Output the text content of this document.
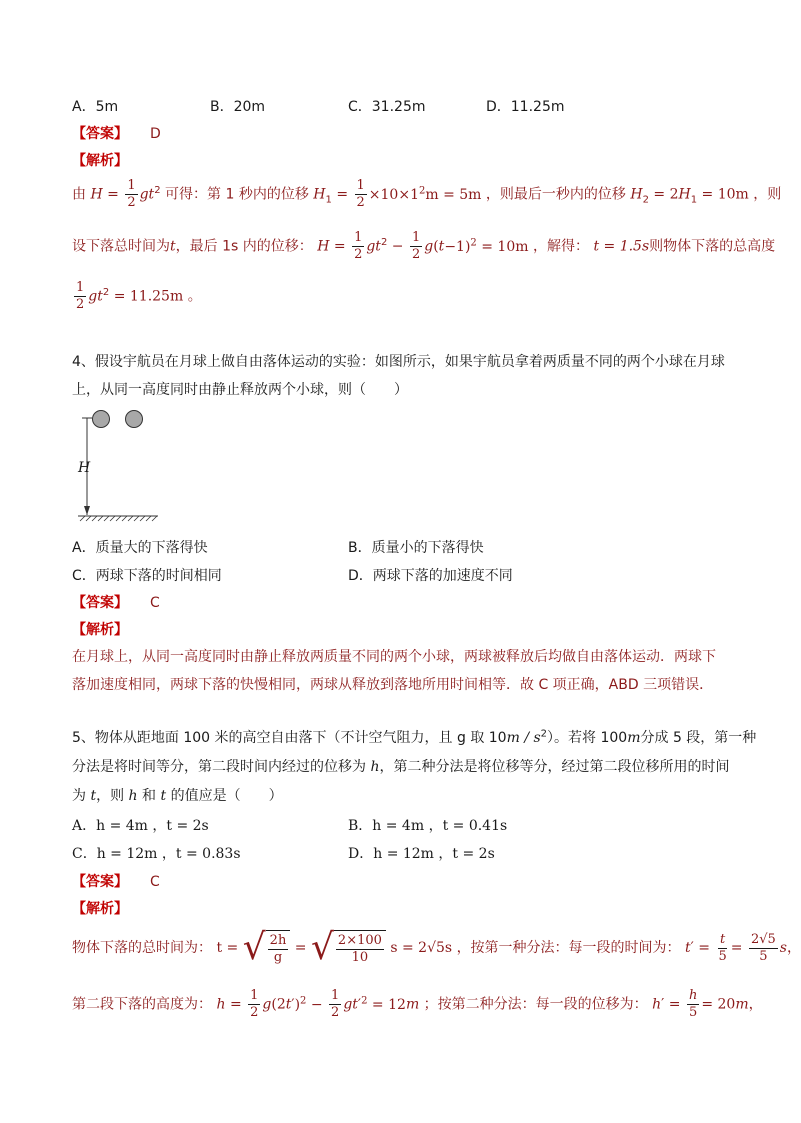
A．5m	B．20m	C．31.25m	D．11.25m
【答案】 D
【解析】
由 $H = \frac{1}{2} gt^2$ 可得：第 1 秒内的位移 $H_1 = \frac{1}{2} \times 10\times 1^2m = 5m$ ，则最后一秒内的位移 $H_2 = 2H_1 = 10m$ ，则
设下落总时间为t，最后 1s 内的位移： $H = \frac{1}{2} gt^2 - \frac{1}{2} g(t-1)^2 = 10m$ ，解得： t = 1.5s则物体下落的总高度
$\frac{1}{2} gt^2 = 11.25m$ 。
4、假设宇航员在月球上做自由落体运动的实验：如图所示，如果宇航员拿着两质量不同的两个小球在月球
上，从同一高度同时由静止释放两个小球，则（　　）
H
A．质量大的下落得快	B．质量小的下落得快
C．两球下落的时间相同	D．两球下落的加速度不同
【答案】 C
【解析】
在月球上，从同一高度同时由静止释放两质量不同的两个小球，两球被释放后均做自由落体运动．两球下
落加速度相同，两球下落的快慢相同，两球从释放到落地所用时间相等．故 C 项正确，ABD 三项错误．
5、物体从距地面 100 米的高空自由落下（不计空气阻力，且 g 取 $10m / s^2$）。若将 100m分成 5 段，第一种
分法是将时间等分，第二段时间内经过的位移为 h，第二种分法是将位移等分，经过第二段位移所用的时间
为 t，则 h 和 t 的值应是（　　）
A．h = 4m ，t = 2s	B．h = 4m ，t = 0.41s
C．h = 12m ，t = 0.83s	D．h = 12m ，t = 2s
【答案】 C
【解析】
物体下落的总时间为： t = √ $\frac{2h}{g}$ = √ $\frac{2\times 100}{10}$ s = 2√5s ，按第一种分法：每一段的时间为： $t' = \frac{t}{5} = \frac{2√5}{5}$ s，
第二段下落的高度为： $h = \frac{1}{2} g(2t')^2 - \frac{1}{2} gt'^2 = 12m$ ；按第二种分法：每一段的位移为： $h' = \frac{h}{5} = 20m$，
